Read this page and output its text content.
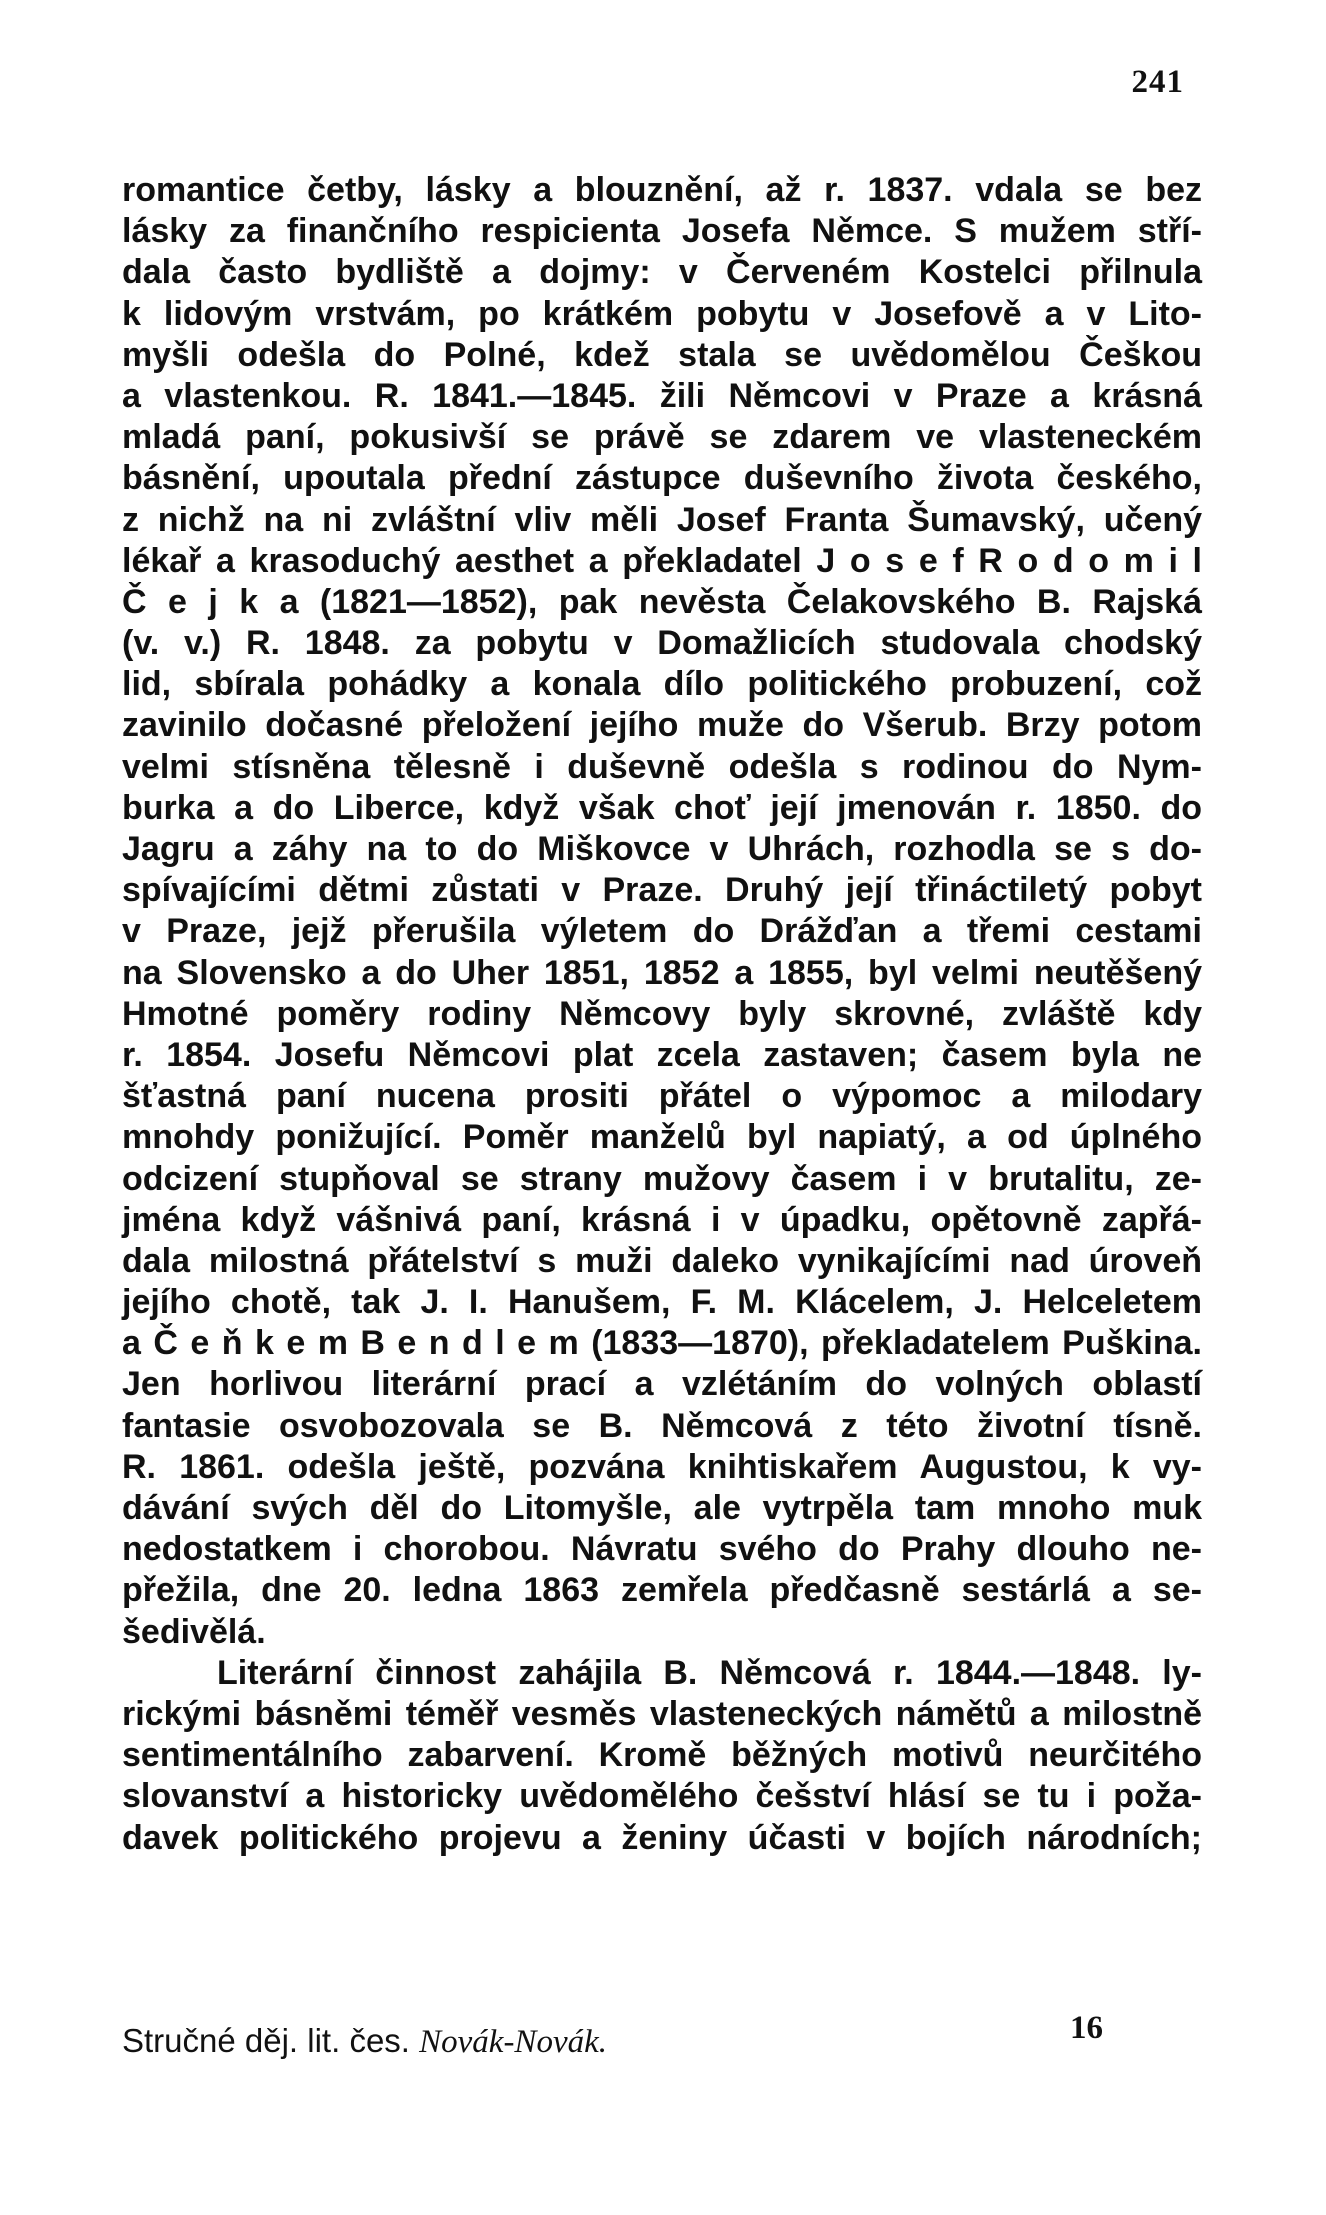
241
romantice četby, lásky a blouznění, až r. 1837. vdala se bez
lásky za finančního respicienta Josefa Němce. S mužem stří-
dala často bydliště a dojmy: v Červeném Kostelci přilnula
k lidovým vrstvám, po krátkém pobytu v Josefově a v Lito-
myšli odešla do Polné, kdež stala se uvědomělou Češkou
a vlastenkou. R. 1841.—1845. žili Němcovi v Praze a krásná
mladá paní, pokusivší se právě se zdarem ve vlasteneckém
básnění, upoutala přední zástupce duševního života českého,
z nichž na ni zvláštní vliv měli Josef Franta Šumavský, učený
lékař a krasoduchý aesthet a překladatel J o s e f R o d o m i l
Č e j k a (1821—1852), pak nevěsta Čelakovského B. Rajská
(v. v.) R. 1848. za pobytu v Domažlicích studovala chodský
lid, sbírala pohádky a konala dílo politického probuzení, což
zavinilo dočasné přeložení jejího muže do Všerub. Brzy potom
velmi stísněna tělesně i duševně odešla s rodinou do Nym-
burka a do Liberce, když však choť její jmenován r. 1850. do
Jagru a záhy na to do Miškovce v Uhrách, rozhodla se s do-
spívajícími dětmi zůstati v Praze. Druhý její třináctiletý pobyt
v Praze, jejž přerušila výletem do Drážďan a třemi cestami
na Slovensko a do Uher 1851, 1852 a 1855, byl velmi neutěšený
Hmotné poměry rodiny Němcovy byly skrovné, zvláště kdy
r. 1854. Josefu Němcovi plat zcela zastaven; časem byla ne
šťastná paní nucena prositi přátel o výpomoc a milodary
mnohdy ponižující. Poměr manželů byl napiatý, a od úplného
odcizení stupňoval se strany mužovy časem i v brutalitu, ze-
jména když vášnivá paní, krásná i v úpadku, opětovně zapřá-
dala milostná přátelství s muži daleko vynikajícími nad úroveň
jejího chotě, tak J. I. Hanušem, F. M. Klácelem, J. Helceletem
a Č e ň k e m B e n d l e m (1833—1870), překladatelem Puškina.
Jen horlivou literární prací a vzlétáním do volných oblastí
fantasie osvobozovala se B. Němcová z této životní tísně.
R. 1861. odešla ještě, pozvána knihtiskařem Augustou, k vy-
dávání svých děl do Litomyšle, ale vytrpěla tam mnoho muk
nedostatkem i chorobou. Návratu svého do Prahy dlouho ne-
přežila, dne 20. ledna 1863 zemřela předčasně sestárlá a se-
šedivělá.
Literární činnost zahájila B. Němcová r. 1844.—1848. ly-
rickými básněmi téměř vesměs vlasteneckých námětů a milostně
sentimentálního zabarvení. Kromě běžných motivů neurčitého
slovanství a historicky uvědomělého češství hlásí se tu i poža-
davek politického projevu a ženiny účasti v bojích národních;
Stručné děj. lit. čes. Novák-Novák.	16
